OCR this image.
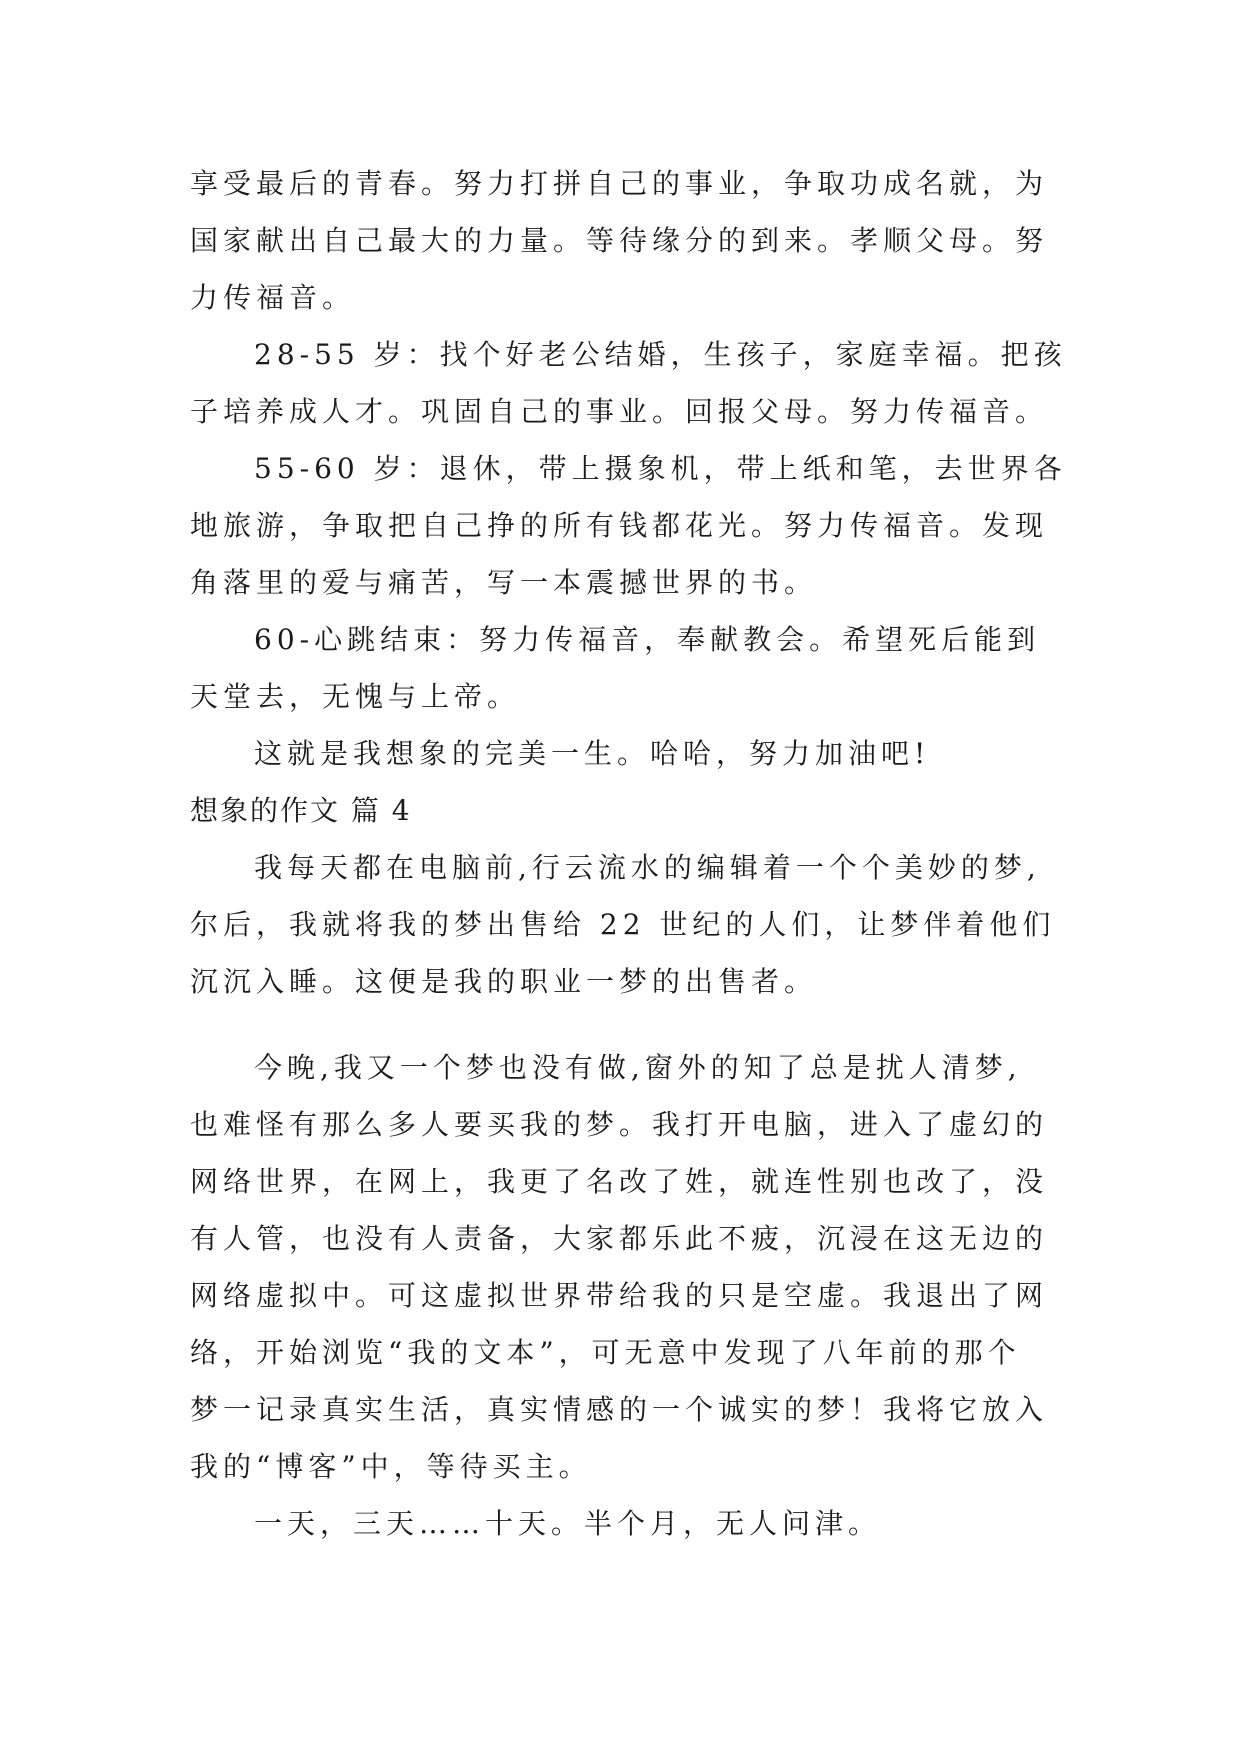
享受最后的青春。努力打拼自己的事业，争取功成名就，为
国家献出自己最大的力量。等待缘分的到来。孝顺父母。努
力传福音。
28-55 岁：找个好老公结婚，生孩子，家庭幸福。把孩
子培养成人才。巩固自己的事业。回报父母。努力传福音。
55-60 岁：退休，带上摄象机，带上纸和笔，去世界各
地旅游，争取把自己挣的所有钱都花光。努力传福音。发现
角落里的爱与痛苦，写一本震撼世界的书。
60-心跳结束：努力传福音，奉献教会。希望死后能到
天堂去，无愧与上帝。
这就是我想象的完美一生。哈哈，努力加油吧!
想象的作文 篇 4
我每天都在电脑前,行云流水的编辑着一个个美妙的梦,
尔后，我就将我的梦出售给 22 世纪的人们，让梦伴着他们
沉沉入睡。这便是我的职业一梦的出售者。
今晚,我又一个梦也没有做,窗外的知了总是扰人清梦,
也难怪有那么多人要买我的梦。我打开电脑，进入了虚幻的
网络世界，在网上，我更了名改了姓，就连性别也改了，没
有人管，也没有人责备，大家都乐此不疲，沉浸在这无边的
网络虚拟中。可这虚拟世界带给我的只是空虚。我退出了网
络，开始浏览“我的文本”，可无意中发现了八年前的那个
梦一记录真实生活，真实情感的一个诚实的梦！我将它放入
我的“博客”中，等待买主。
一天，三天……十天。半个月，无人问津。
